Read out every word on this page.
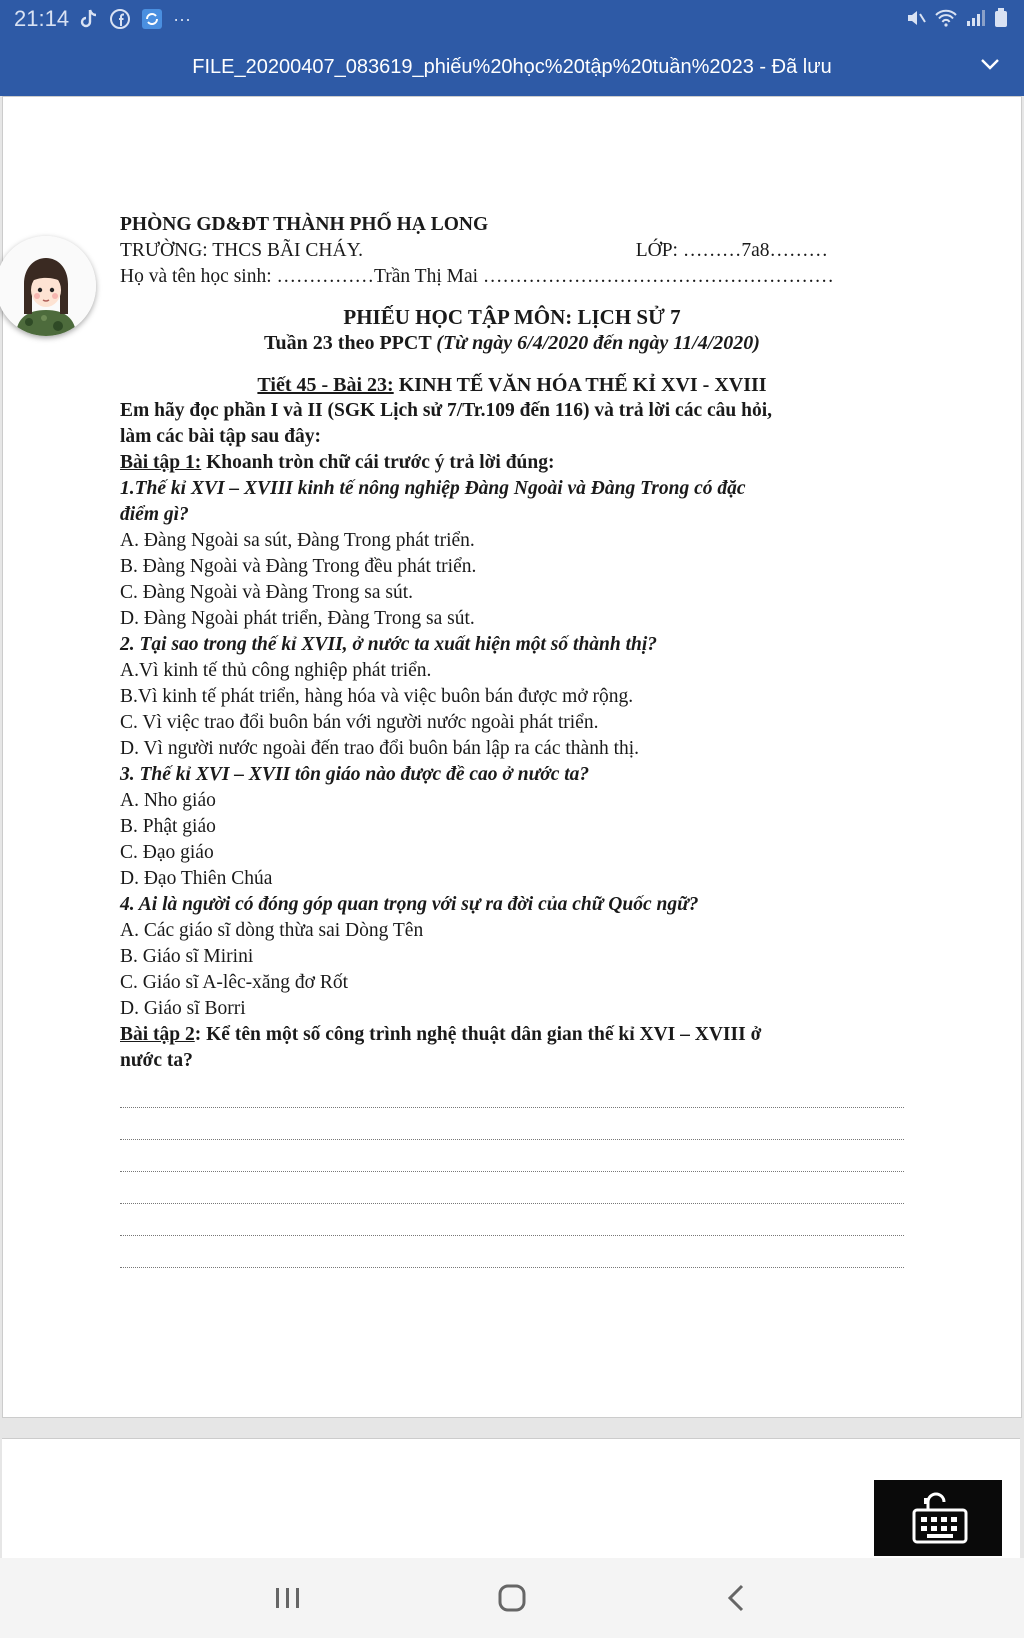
21:14	···
FILE_20200407_083619_phiếu%20học%20tập%20tuần%2023 - Đã lưu
PHÒNG GD&ĐT THÀNH PHỐ HẠ LONG
TRƯỜNG: THCS BÃI CHÁY.	LỚP: ………7a8………
Họ và tên học sinh: ……………Trần Thị Mai ………………………………………………
PHIẾU HỌC TẬP MÔN: LỊCH SỬ 7
Tuần 23 theo PPCT (Từ ngày 6/4/2020 đến ngày 11/4/2020)
Tiết 45 - Bài 23: KINH TẾ VĂN HÓA THẾ KỈ XVI - XVIII
Em hãy đọc phần I và II (SGK Lịch sử 7/Tr.109 đến 116) và trả lời các câu hỏi,
làm các bài tập sau đây:
Bài tập 1: Khoanh tròn chữ cái trước ý trả lời đúng:
1.Thế kỉ XVI – XVIII kinh tế nông nghiệp Đàng Ngoài và Đàng Trong có đặc
điểm gì?
A. Đàng Ngoài sa sút, Đàng Trong phát triển.
B. Đàng Ngoài và Đàng Trong đều phát triển.
C. Đàng Ngoài và Đàng Trong sa sút.
D. Đàng Ngoài phát triển, Đàng Trong sa sút.
2. Tại sao trong thế kỉ XVII, ở nước ta xuất hiện một số thành thị?
A.Vì kinh tế thủ công nghiệp phát triển.
B.Vì kinh tế phát triển, hàng hóa và việc buôn bán được mở rộng.
C. Vì việc trao đổi buôn bán với người nước ngoài phát triển.
D. Vì người nước ngoài đến trao đổi buôn bán lập ra các thành thị.
3. Thế kỉ XVI – XVII tôn giáo nào được đề cao ở nước ta?
A. Nho giáo
B. Phật giáo
C. Đạo giáo
D. Đạo Thiên Chúa
4. Ai là người có đóng góp quan trọng với sự ra đời của chữ Quốc ngữ?
A. Các giáo sĩ dòng thừa sai Dòng Tên
B. Giáo sĩ Mirini
C. Giáo sĩ A-lêc-xăng đơ Rốt
D. Giáo sĩ Borri
Bài tập 2: Kể tên một số công trình nghệ thuật dân gian thế kỉ XVI – XVIII ở
nước ta?
